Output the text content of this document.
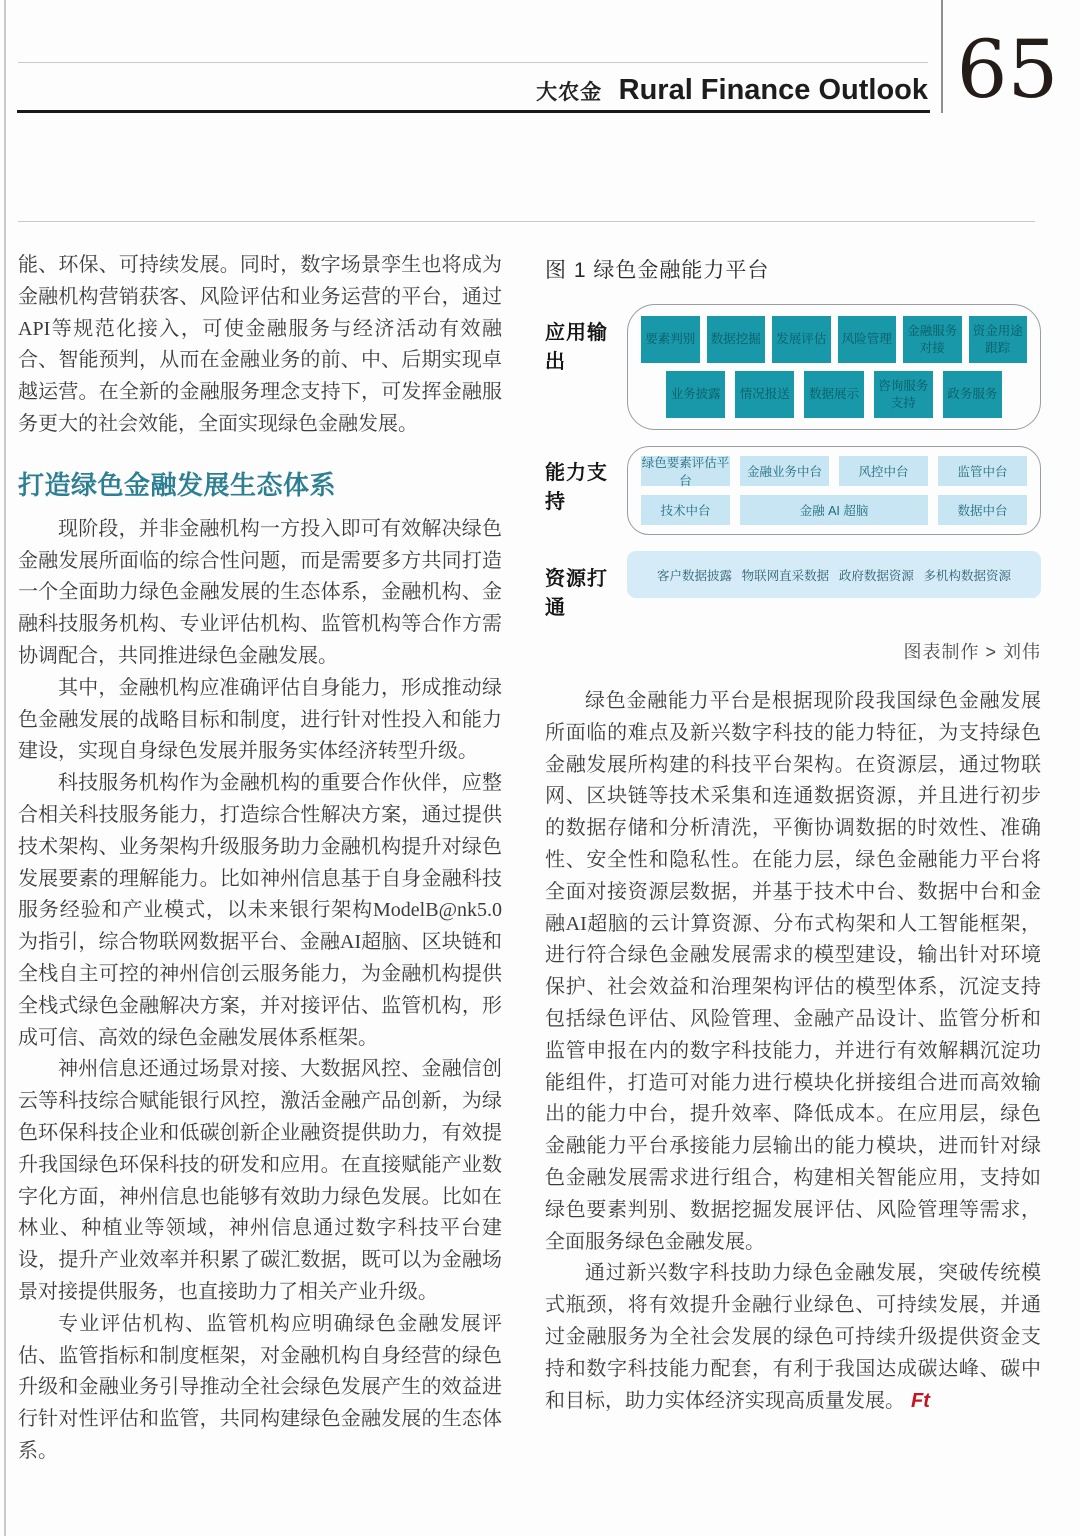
大农金 Rural Finance Outlook 65

能、环保、可持续发展。同时，数字场景孪生也将成为金融机构营销获客、风险评估和业务运营的平台，通过API等规范化接入，可使金融服务与经济活动有效融合、智能预判，从而在金融业务的前、中、后期实现卓越运营。在全新的金融服务理念支持下，可发挥金融服务更大的社会效能，全面实现绿色金融发展。

打造绿色金融发展生态体系

现阶段，并非金融机构一方投入即可有效解决绿色金融发展所面临的综合性问题，而是需要多方共同打造一个全面助力绿色金融发展的生态体系，金融机构、金融科技服务机构、专业评估机构、监管机构等合作方需协调配合，共同推进绿色金融发展。

其中，金融机构应准确评估自身能力，形成推动绿色金融发展的战略目标和制度，进行针对性投入和能力建设，实现自身绿色发展并服务实体经济转型升级。

科技服务机构作为金融机构的重要合作伙伴，应整合相关科技服务能力，打造综合性解决方案，通过提供技术架构、业务架构升级服务助力金融机构提升对绿色发展要素的理解能力。比如神州信息基于自身金融科技服务经验和产业模式，以未来银行架构ModelB@nk5.0为指引，综合物联网数据平台、金融AI超脑、区块链和全栈自主可控的神州信创云服务能力，为金融机构提供全栈式绿色金融解决方案，并对接评估、监管机构，形成可信、高效的绿色金融发展体系框架。

神州信息还通过场景对接、大数据风控、金融信创云等科技综合赋能银行风控，激活金融产品创新，为绿色环保科技企业和低碳创新企业融资提供助力，有效提升我国绿色环保科技的研发和应用。在直接赋能产业数字化方面，神州信息也能够有效助力绿色发展。比如在林业、种植业等领域，神州信息通过数字科技平台建设，提升产业效率并积累了碳汇数据，既可以为金融场景对接提供服务，也直接助力了相关产业升级。

专业评估机构、监管机构应明确绿色金融发展评估、监管指标和制度框架，对金融机构自身经营的绿色升级和金融业务引导推动全社会绿色发展产生的效益进行针对性评估和监管，共同构建绿色金融发展的生态体系。

图 1 绿色金融能力平台
应用输出
要素判别	数据挖掘	发展评估	风险管理
金融服务对接
资金用途跟踪
业务披露	情况报送	数据展示
咨询服务支持
政务服务
能力支持
绿色要素评估平台
金融业务中台	风控中台	监管中台
技术中台	金融 AI 超脑	数据中台
资源打通
客户数据披露 物联网直采数据 政府数据资源 多机构数据资源
图表制作 > 刘伟

绿色金融能力平台是根据现阶段我国绿色金融发展所面临的难点及新兴数字科技的能力特征，为支持绿色金融发展所构建的科技平台架构。在资源层，通过物联网、区块链等技术采集和连通数据资源，并且进行初步的数据存储和分析清洗，平衡协调数据的时效性、准确性、安全性和隐私性。在能力层，绿色金融能力平台将全面对接资源层数据，并基于技术中台、数据中台和金融AI超脑的云计算资源、分布式构架和人工智能框架，进行符合绿色金融发展需求的模型建设，输出针对环境保护、社会效益和治理架构评估的模型体系，沉淀支持包括绿色评估、风险管理、金融产品设计、监管分析和监管申报在内的数字科技能力，并进行有效解耦沉淀功能组件，打造可对能力进行模块化拼接组合进而高效输出的能力中台，提升效率、降低成本。在应用层，绿色金融能力平台承接能力层输出的能力模块，进而针对绿色金融发展需求进行组合，构建相关智能应用，支持如绿色要素判别、数据挖掘发展评估、风险管理等需求，全面服务绿色金融发展。

通过新兴数字科技助力绿色金融发展，突破传统模式瓶颈，将有效提升金融行业绿色、可持续发展，并通过金融服务为全社会发展的绿色可持续升级提供资金支持和数字科技能力配套，有利于我国达成碳达峰、碳中和目标，助力实体经济实现高质量发展。 Ft
